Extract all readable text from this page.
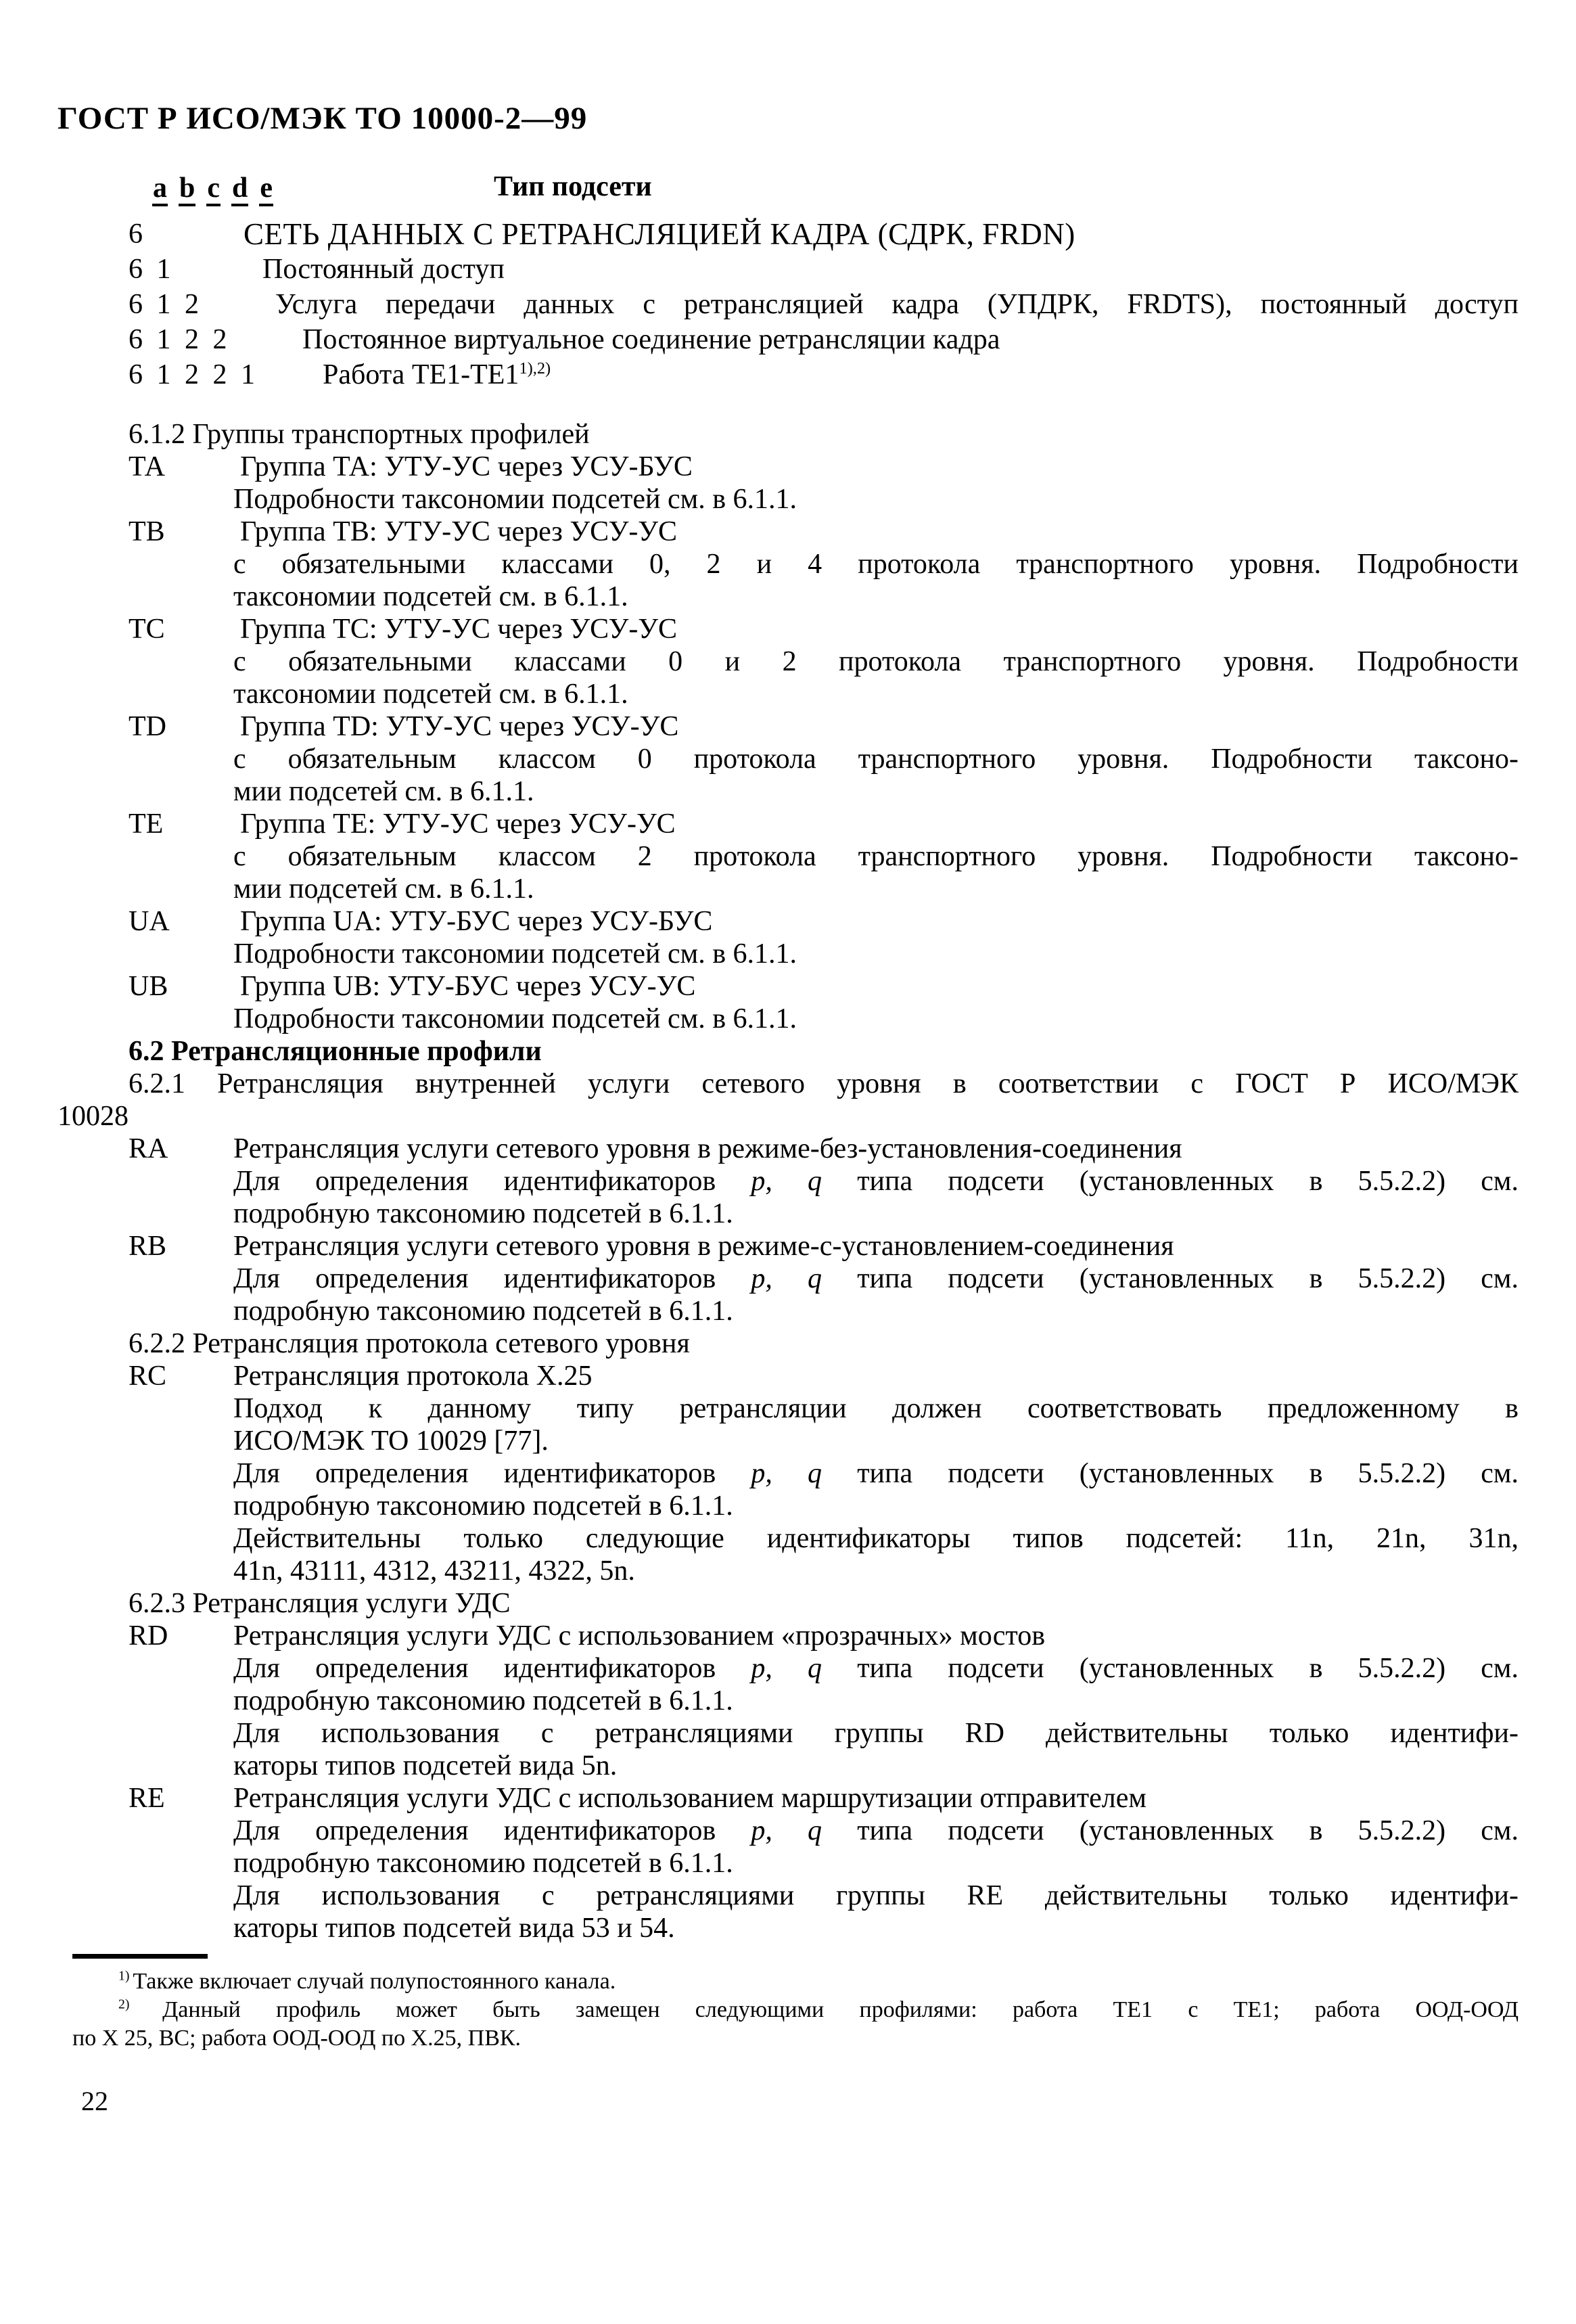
ГОСТ Р ИСО/МЭК ТО 10000-2—99
a b c d e	Тип подсети
6	СЕТЬ ДАННЫХ С РЕТРАНСЛЯЦИЕЙ КАДРА (СДРК, FRDN)
6 1	Постоянный доступ
6 1 2	Услуга передачи данных с ретрансляцией кадра (УПДРК, FRDTS), постоянный доступ
6 1 2 2	Постоянное виртуальное соединение ретрансляции кадра
6 1 2 2 1	Работа $ТЕ1-ТЕ1^{1),2)}$
6.1.2 Группы транспортных профилей
ТА	Группа ТА: УТУ-УС через УСУ-БУС
Подробности таксономии подсетей см. в 6.1.1.
ТВ	Группа ТВ: УТУ-УС через УСУ-УС
с обязательными классами 0, 2 и 4 протокола транспортного уровня. Подробности
таксономии подсетей см. в 6.1.1.
ТС	Группа ТС: УТУ-УС через УСУ-УС
с обязательными классами 0 и 2 протокола транспортного уровня. Подробности
таксономии подсетей см. в 6.1.1.
ТD	Группа ТD: УТУ-УС через УСУ-УС
с обязательным классом 0 протокола транспортного уровня. Подробности таксоно-
мии подсетей см. в 6.1.1.
ТЕ	Группа ТЕ: УТУ-УС через УСУ-УС
с обязательным классом 2 протокола транспортного уровня. Подробности таксоно-
мии подсетей см. в 6.1.1.
UA Группа UA: УТУ-БУС через УСУ-БУС
Подробности таксономии подсетей см. в 6.1.1.
UB	Группа UB: УТУ-БУС через УСУ-УС
Подробности таксономии подсетей см. в 6.1.1.
6.2 Ретрансляционные профили
6.2.1 Ретрансляция внутренней услуги сетевого уровня в соответствии с ГОСТ Р ИСО/МЭК
10028
RA Ретрансляция услуги сетевого уровня в режиме-без-установления-соединения
Для определения идентификаторов p, q типа подсети (установленных в 5.5.2.2) см.
подробную таксономию подсетей в 6.1.1.
RB Ретрансляция услуги сетевого уровня в режиме-с-установлением-соединения
Для определения идентификаторов p, q типа подсети (установленных в 5.5.2.2) см.
подробную таксономию подсетей в 6.1.1.
6.2.2 Ретрансляция протокола сетевого уровня
RC Ретрансляция протокола Х.25
Подход к данному типу ретрансляции должен соответствовать предложенному в
ИСО/МЭК ТО 10029 [77].
Для определения идентификаторов p, q типа подсети (установленных в 5.5.2.2) см.
подробную таксономию подсетей в 6.1.1.
Действительны только следующие идентификаторы типов подсетей: 11n, 21n, 31n,
41n, 43111, 4312, 43211, 4322, 5n.
6.2.3 Ретрансляция услуги УДС
RD Ретрансляция услуги УДС с использованием «прозрачных» мостов
Для определения идентификаторов p, q типа подсети (установленных в 5.5.2.2) см.
подробную таксономию подсетей в 6.1.1.
Для использования с ретрансляциями группы RD действительны только идентифи-
каторы типов подсетей вида 5n.
RE Ретрансляция услуги УДС с использованием маршрутизации отправителем
Для определения идентификаторов p, q типа подсети (установленных в 5.5.2.2) см.
подробную таксономию подсетей в 6.1.1.
Для использования с ретрансляциями группы RE действительны только идентифи-
каторы типов подсетей вида 53 и 54.
$^{1)}$ Также включает случай полупостоянного канала.
$^{2)}$ Данный профиль может быть замещен следующими профилями: работа ТЕ1 с ТЕ1; работа ООД-ООД
по Х 25, ВС; работа ООД-ООД по Х.25, ПВК.
22
